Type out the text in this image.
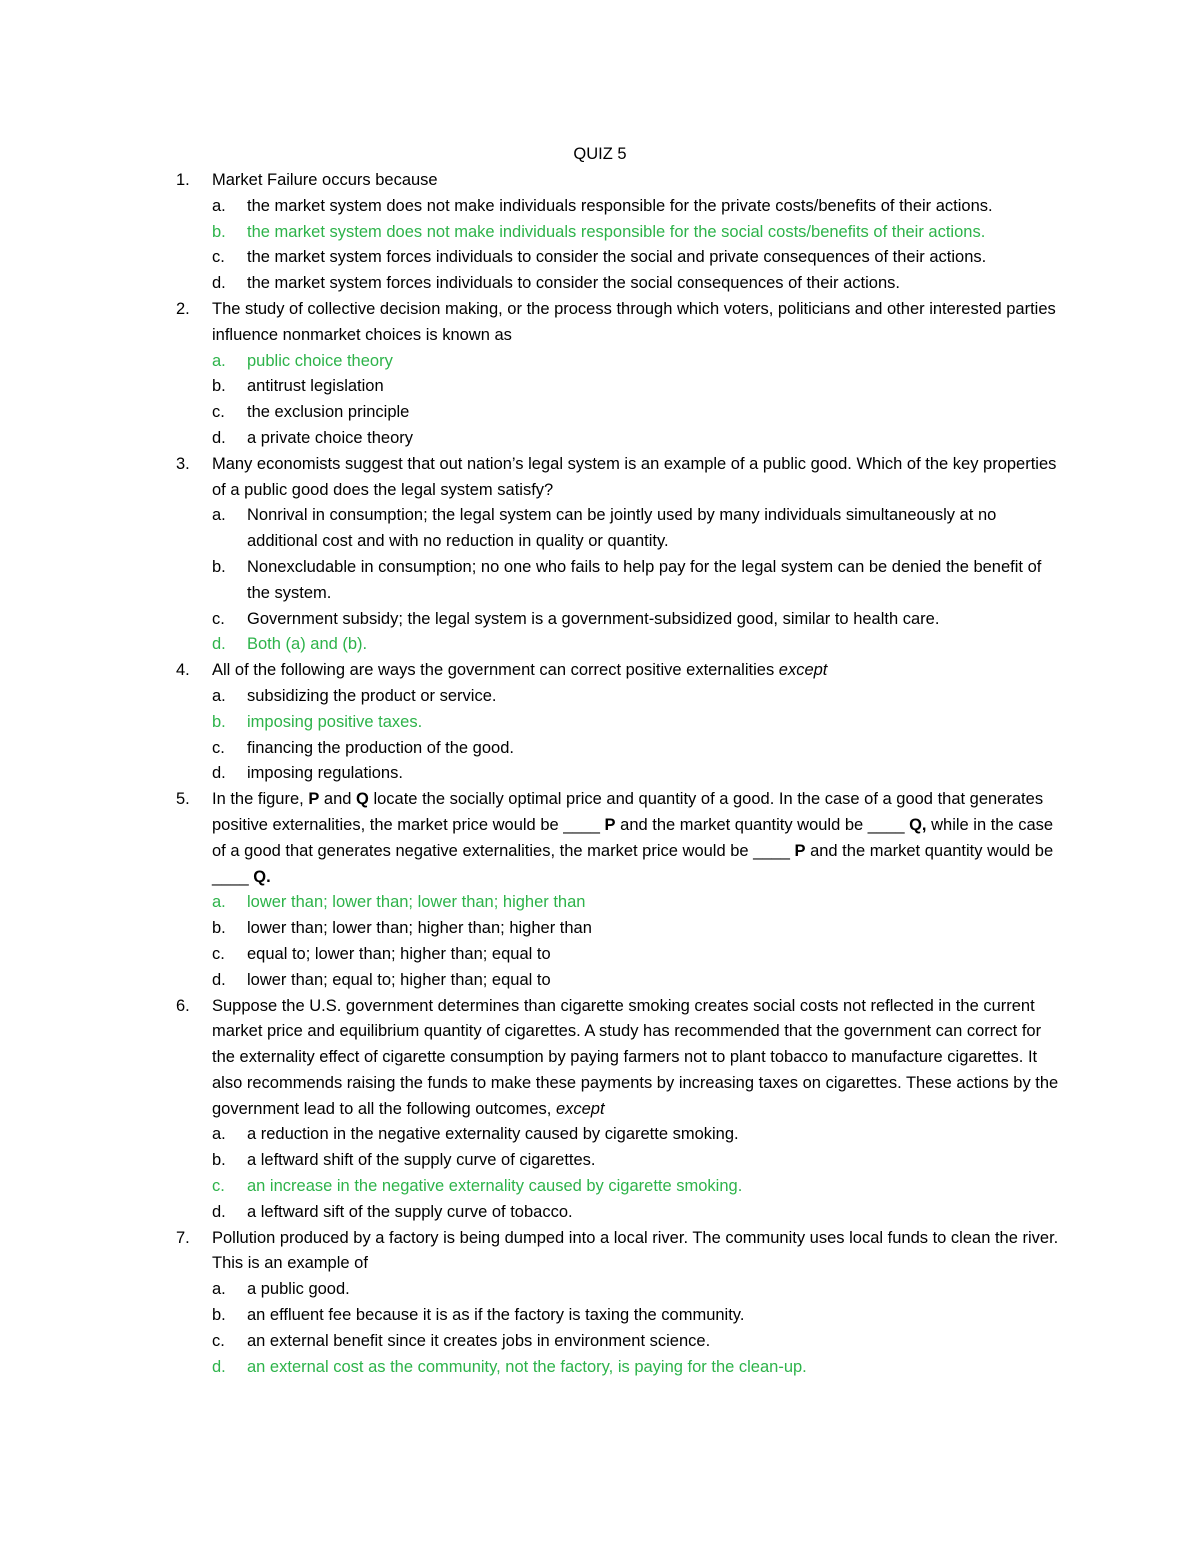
QUIZ 5
1. Market Failure occurs because
a. the market system does not make individuals responsible for the private costs/benefits of their actions.
b. the market system does not make individuals responsible for the social costs/benefits of their actions.
c. the market system forces individuals to consider the social and private consequences of their actions.
d. the market system forces individuals to consider the social consequences of their actions.
2. The study of collective decision making, or the process through which voters, politicians and other interested parties influence nonmarket choices is known as
a. public choice theory
b. antitrust legislation
c. the exclusion principle
d. a private choice theory
3. Many economists suggest that out nation’s legal system is an example of a public good. Which of the key properties of a public good does the legal system satisfy?
a. Nonrival in consumption; the legal system can be jointly used by many individuals simultaneously at no additional cost and with no reduction in quality or quantity.
b. Nonexcludable in consumption; no one who fails to help pay for the legal system can be denied the benefit of the system.
c. Government subsidy; the legal system is a government-subsidized good, similar to health care.
d. Both (a) and (b).
4. All of the following are ways the government can correct positive externalities except
a. subsidizing the product or service.
b. imposing positive taxes.
c. financing the production of the good.
d. imposing regulations.
5. In the figure, P and Q locate the socially optimal price and quantity of a good. In the case of a good that generates positive externalities, the market price would be ____ P and the market quantity would be ____ Q, while in the case of a good that generates negative externalities, the market price would be ____ P and the market quantity would be ____ Q.
a. lower than; lower than; lower than; higher than
b. lower than; lower than; higher than; higher than
c. equal to; lower than; higher than; equal to
d. lower than; equal to; higher than; equal to
6. Suppose the U.S. government determines than cigarette smoking creates social costs not reflected in the current market price and equilibrium quantity of cigarettes. A study has recommended that the government can correct for the externality effect of cigarette consumption by paying farmers not to plant tobacco to manufacture cigarettes. It also recommends raising the funds to make these payments by increasing taxes on cigarettes. These actions by the government lead to all the following outcomes, except
a. a reduction in the negative externality caused by cigarette smoking.
b. a leftward shift of the supply curve of cigarettes.
c. an increase in the negative externality caused by cigarette smoking.
d. a leftward sift of the supply curve of tobacco.
7. Pollution produced by a factory is being dumped into a local river. The community uses local funds to clean the river. This is an example of
a. a public good.
b. an effluent fee because it is as if the factory is taxing the community.
c. an external benefit since it creates jobs in environment science.
d. an external cost as the community, not the factory, is paying for the clean-up.
